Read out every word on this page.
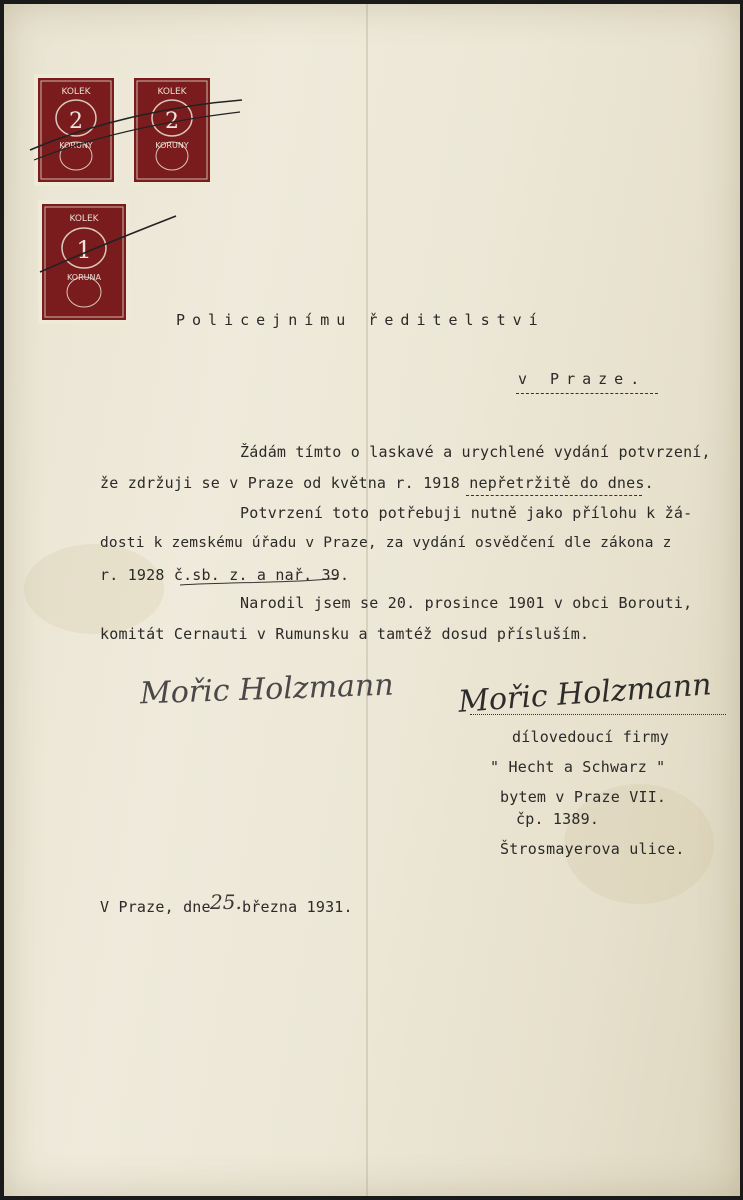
KOLEK
2
KORUNY
KOLEK
2
KORUNY
KOLEK
1
KORUNA
Policejnímu ředitelství
v Praze.
Žádám tímto o laskavé a urychlené vydání potvrzení,
že zdržuji se v Praze od května r. 1918 nepřetržitě do dnes.
Potvrzení toto potřebuji nutně jako přílohu k žá-
dosti k zemskému úřadu v Praze, za vydání osvědčení dle zákona z
r. 1928 č.sb. z. a nař. 39.
Narodil jsem se 20. prosince 1901 v obci Borouti,
komitát Cernauti v Rumunsku a tamtéž dosud přísluším.
Mořic Holzmann Mořic Holzmann
dílovedoucí firmy
" Hecht a Schwarz "
bytem v Praze VII.
čp. 1389.
Štrosmayerova ulice.
V Praze, dne 25. března 1931.
